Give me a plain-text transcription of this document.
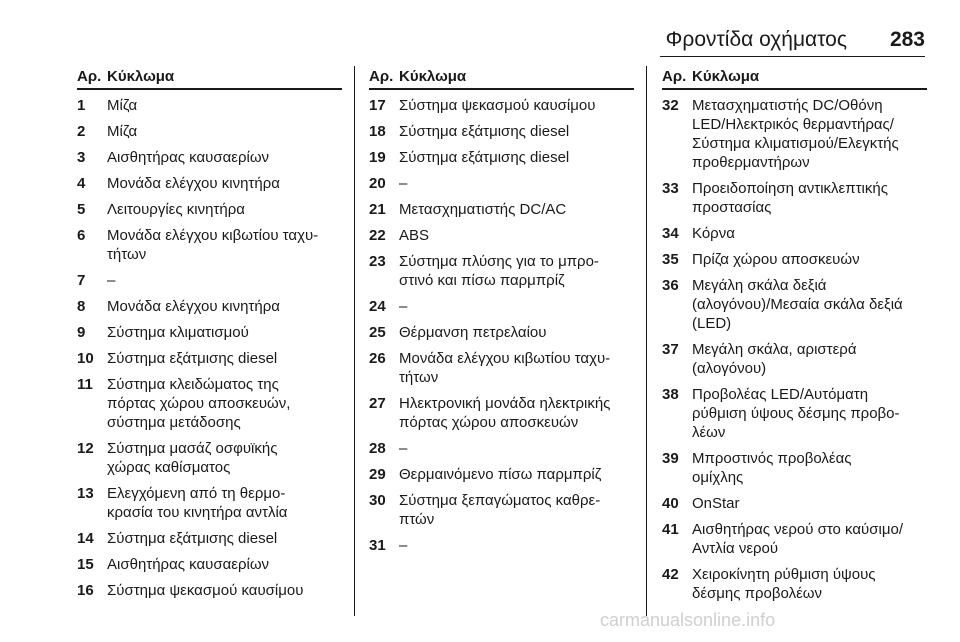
Φροντίδα οχήματος 283
Αρ. Κύκλωμα
1	Μίζα
2	Μίζα
3	Αισθητήρας καυσαερίων
4	Μονάδα ελέγχου κινητήρα
5	Λειτουργίες κινητήρα
6	Μονάδα ελέγχου κιβωτίου ταχυ-
τήτων
7	–
8	Μονάδα ελέγχου κινητήρα
9	Σύστημα κλιματισμού
10 Σύστημα εξάτμισης diesel
11 Σύστημα κλειδώματος της
πόρτας χώρου αποσκευών,
σύστημα μετάδοσης
12 Σύστημα μασάζ οσφυϊκής
χώρας καθίσματος
13 Ελεγχόμενη από τη θερμο-
κρασία του κινητήρα αντλία
14 Σύστημα εξάτμισης diesel
15 Αισθητήρας καυσαερίων
16 Σύστημα ψεκασμού καυσίμου
Αρ. Κύκλωμα
17 Σύστημα ψεκασμού καυσίμου
18 Σύστημα εξάτμισης diesel
19 Σύστημα εξάτμισης diesel
20 –
21 Μετασχηματιστής DC/AC
22 ABS
23 Σύστημα πλύσης για το μπρο-
στινό και πίσω παρμπρίζ
24 –
25 Θέρμανση πετρελαίου
26 Μονάδα ελέγχου κιβωτίου ταχυ-
τήτων
27 Ηλεκτρονική μονάδα ηλεκτρικής
πόρτας χώρου αποσκευών
28 –
29 Θερμαινόμενο πίσω παρμπρίζ
30 Σύστημα ξεπαγώματος καθρε-
πτών
31 –
Αρ. Κύκλωμα
32 Μετασχηματιστής DC/Οθόνη
LED/Ηλεκτρικός θερμαντήρας/
Σύστημα κλιματισμού/Ελεγκτής
προθερμαντήρων
33 Προειδοποίηση αντικλεπτικής
προστασίας
34 Κόρνα
35 Πρίζα χώρου αποσκευών
36 Μεγάλη σκάλα δεξιά
(αλογόνου)/Μεσαία σκάλα δεξιά
(LED)
37 Μεγάλη σκάλα, αριστερά
(αλογόνου)
38 Προβολέας LED/Αυτόματη
ρύθμιση ύψους δέσμης προβο-
λέων
39 Μπροστινός προβολέας
ομίχλης
40 OnStar
41 Αισθητήρας νερού στο καύσιμο/
Αντλία νερού
42 Χειροκίνητη ρύθμιση ύψους
δέσμης προβολέων
carmanualsonline.info
